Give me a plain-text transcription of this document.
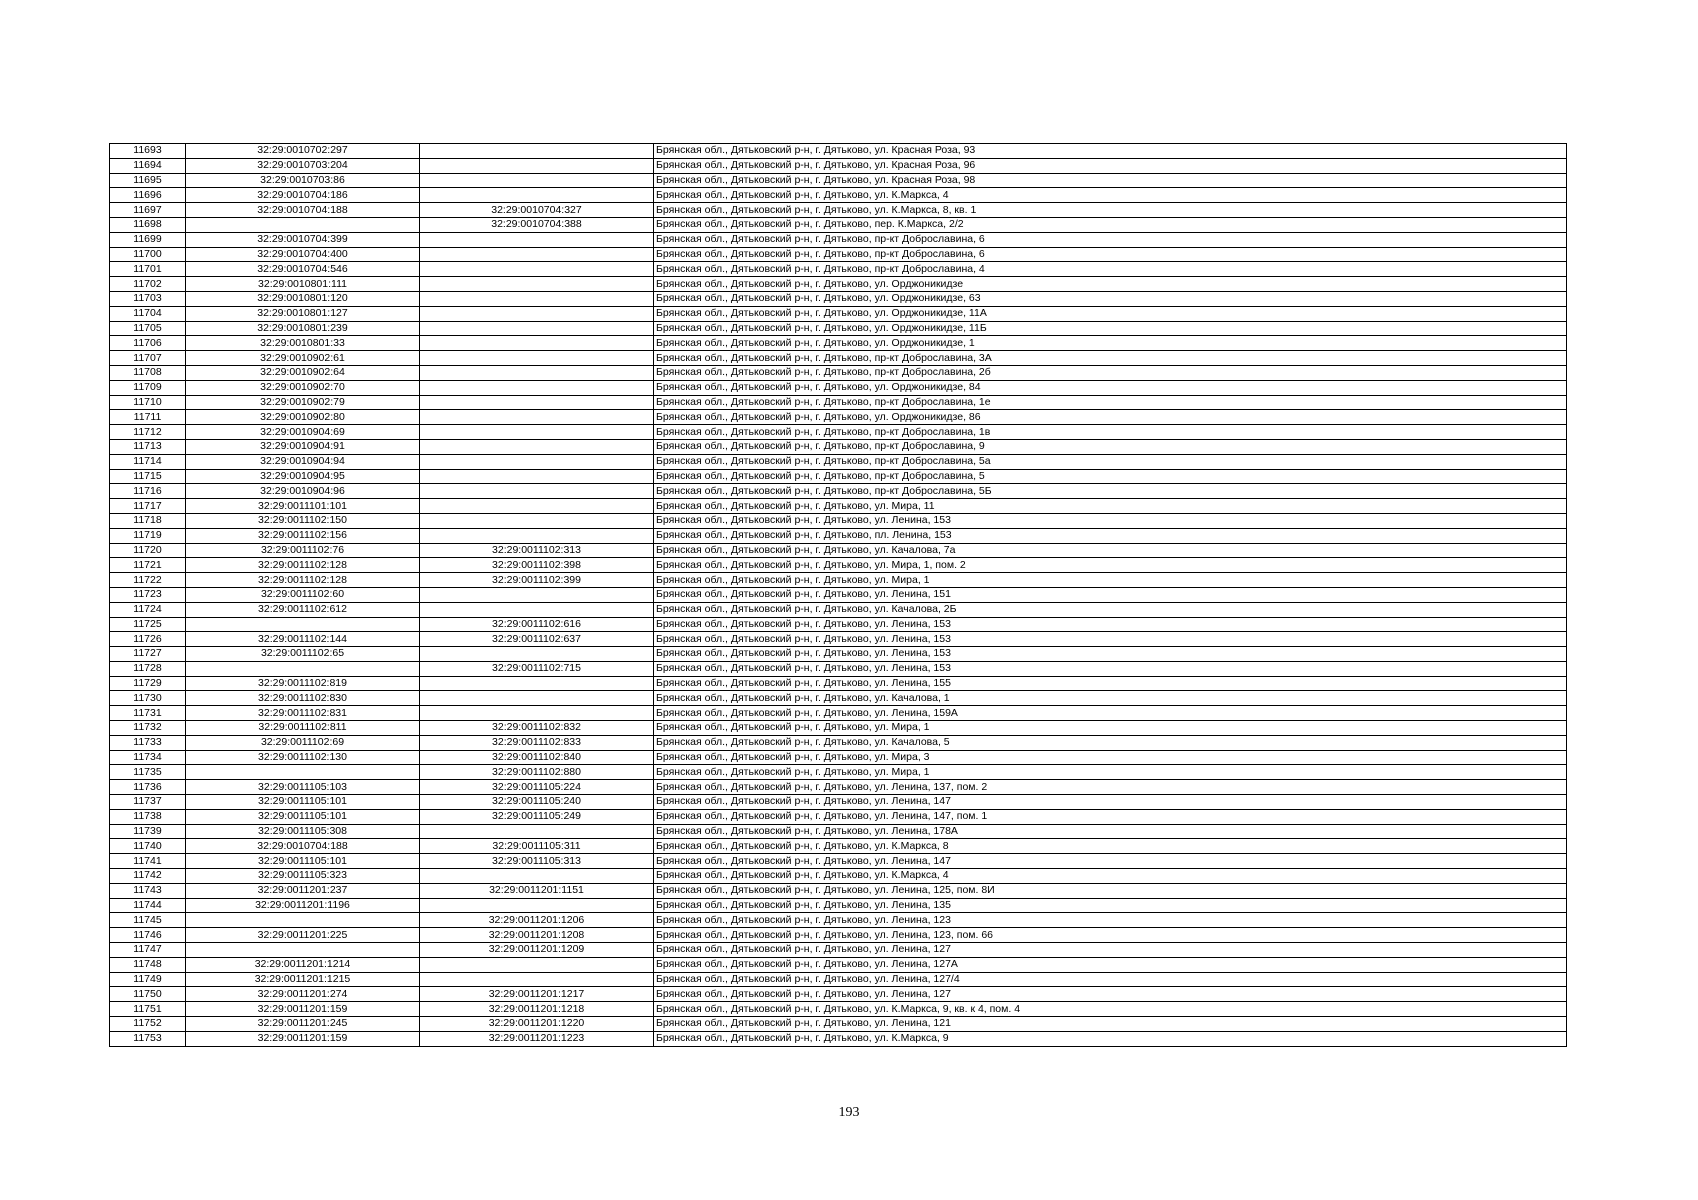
11693	32:29:0010702:297		Брянская обл., Дятьковский р-н, г. Дятьково, ул. Красная Роза, 93
11694	32:29:0010703:204		Брянская обл., Дятьковский р-н, г. Дятьково, ул. Красная Роза, 96
11695	32:29:0010703:86		Брянская обл., Дятьковский р-н, г. Дятьково, ул. Красная Роза, 98
11696	32:29:0010704:186		Брянская обл., Дятьковский р-н, г. Дятьково, ул. К.Маркса, 4
11697	32:29:0010704:188	32:29:0010704:327	Брянская обл., Дятьковский р-н, г. Дятьково, ул. К.Маркса, 8, кв. 1
11698		32:29:0010704:388	Брянская обл., Дятьковский р-н, г. Дятьково, пер. К.Маркса, 2/2
11699	32:29:0010704:399		Брянская обл., Дятьковский р-н, г. Дятьково, пр-кт Доброславина, 6
11700	32:29:0010704:400		Брянская обл., Дятьковский р-н, г. Дятьково, пр-кт Доброславина, 6
11701	32:29:0010704:546		Брянская обл., Дятьковский р-н, г. Дятьково, пр-кт Доброславина, 4
11702	32:29:0010801:111		Брянская обл., Дятьковский р-н, г. Дятьково, ул. Орджоникидзе
11703	32:29:0010801:120		Брянская обл., Дятьковский р-н, г. Дятьково, ул. Орджоникидзе, 63
11704	32:29:0010801:127		Брянская обл., Дятьковский р-н, г. Дятьково, ул. Орджоникидзе, 11А
11705	32:29:0010801:239		Брянская обл., Дятьковский р-н, г. Дятьково, ул. Орджоникидзе, 11Б
11706	32:29:0010801:33		Брянская обл., Дятьковский р-н, г. Дятьково, ул. Орджоникидзе, 1
11707	32:29:0010902:61		Брянская обл., Дятьковский р-н, г. Дятьково, пр-кт Доброславина, 3А
11708	32:29:0010902:64		Брянская обл., Дятьковский р-н, г. Дятьково, пр-кт Доброславина, 2б
11709	32:29:0010902:70		Брянская обл., Дятьковский р-н, г. Дятьково, ул. Орджоникидзе, 84
11710	32:29:0010902:79		Брянская обл., Дятьковский р-н, г. Дятьково, пр-кт Доброславина, 1е
11711	32:29:0010902:80		Брянская обл., Дятьковский р-н, г. Дятьково, ул. Орджоникидзе, 86
11712	32:29:0010904:69		Брянская обл., Дятьковский р-н, г. Дятьково, пр-кт Доброславина, 1в
11713	32:29:0010904:91		Брянская обл., Дятьковский р-н, г. Дятьково, пр-кт Доброславина, 9
11714	32:29:0010904:94		Брянская обл., Дятьковский р-н, г. Дятьково, пр-кт Доброславина, 5а
11715	32:29:0010904:95		Брянская обл., Дятьковский р-н, г. Дятьково, пр-кт Доброславина, 5
11716	32:29:0010904:96		Брянская обл., Дятьковский р-н, г. Дятьково, пр-кт Доброславина, 5Б
11717	32:29:0011101:101		Брянская обл., Дятьковский р-н, г. Дятьково, ул. Мира, 11
11718	32:29:0011102:150		Брянская обл., Дятьковский р-н, г. Дятьково, ул. Ленина, 153
11719	32:29:0011102:156		Брянская обл., Дятьковский р-н, г. Дятьково, пл. Ленина, 153
11720	32:29:0011102:76	32:29:0011102:313	Брянская обл., Дятьковский р-н, г. Дятьково, ул. Качалова, 7а
11721	32:29:0011102:128	32:29:0011102:398	Брянская обл., Дятьковский р-н, г. Дятьково, ул. Мира, 1, пом. 2
11722	32:29:0011102:128	32:29:0011102:399	Брянская обл., Дятьковский р-н, г. Дятьково, ул. Мира, 1
11723	32:29:0011102:60		Брянская обл., Дятьковский р-н, г. Дятьково, ул. Ленина, 151
11724	32:29:0011102:612		Брянская обл., Дятьковский р-н, г. Дятьково, ул. Качалова, 2Б
11725		32:29:0011102:616	Брянская обл., Дятьковский р-н, г. Дятьково, ул. Ленина, 153
11726	32:29:0011102:144	32:29:0011102:637	Брянская обл., Дятьковский р-н, г. Дятьково, ул. Ленина, 153
11727	32:29:0011102:65		Брянская обл., Дятьковский р-н, г. Дятьково, ул. Ленина, 153
11728		32:29:0011102:715	Брянская обл., Дятьковский р-н, г. Дятьково, ул. Ленина, 153
11729	32:29:0011102:819		Брянская обл., Дятьковский р-н, г. Дятьково, ул. Ленина, 155
11730	32:29:0011102:830		Брянская обл., Дятьковский р-н, г. Дятьково, ул. Качалова, 1
11731	32:29:0011102:831		Брянская обл., Дятьковский р-н, г. Дятьково, ул. Ленина, 159А
11732	32:29:0011102:811	32:29:0011102:832	Брянская обл., Дятьковский р-н, г. Дятьково, ул. Мира, 1
11733	32:29:0011102:69	32:29:0011102:833	Брянская обл., Дятьковский р-н, г. Дятьково, ул. Качалова, 5
11734	32:29:0011102:130	32:29:0011102:840	Брянская обл., Дятьковский р-н, г. Дятьково, ул. Мира, 3
11735		32:29:0011102:880	Брянская обл., Дятьковский р-н, г. Дятьково, ул. Мира, 1
11736	32:29:0011105:103	32:29:0011105:224	Брянская обл., Дятьковский р-н, г. Дятьково, ул. Ленина, 137, пом. 2
11737	32:29:0011105:101	32:29:0011105:240	Брянская обл., Дятьковский р-н, г. Дятьково, ул. Ленина, 147
11738	32:29:0011105:101	32:29:0011105:249	Брянская обл., Дятьковский р-н, г. Дятьково, ул. Ленина, 147, пом. 1
11739	32:29:0011105:308		Брянская обл., Дятьковский р-н, г. Дятьково, ул. Ленина, 178А
11740	32:29:0010704:188	32:29:0011105:311	Брянская обл., Дятьковский р-н, г. Дятьково, ул. К.Маркса, 8
11741	32:29:0011105:101	32:29:0011105:313	Брянская обл., Дятьковский р-н, г. Дятьково, ул. Ленина, 147
11742	32:29:0011105:323		Брянская обл., Дятьковский р-н, г. Дятьково, ул. К.Маркса, 4
11743	32:29:0011201:237	32:29:0011201:1151	Брянская обл., Дятьковский р-н, г. Дятьково, ул. Ленина, 125, пом. 8И
11744	32:29:0011201:1196		Брянская обл., Дятьковский р-н, г. Дятьково, ул. Ленина, 135
11745		32:29:0011201:1206	Брянская обл., Дятьковский р-н, г. Дятьково, ул. Ленина, 123
11746	32:29:0011201:225	32:29:0011201:1208	Брянская обл., Дятьковский р-н, г. Дятьково, ул. Ленина, 123, пом. 66
11747		32:29:0011201:1209	Брянская обл., Дятьковский р-н, г. Дятьково, ул. Ленина, 127
11748	32:29:0011201:1214		Брянская обл., Дятьковский р-н, г. Дятьково, ул. Ленина, 127А
11749	32:29:0011201:1215		Брянская обл., Дятьковский р-н, г. Дятьково, ул. Ленина, 127/4
11750	32:29:0011201:274	32:29:0011201:1217	Брянская обл., Дятьковский р-н, г. Дятьково, ул. Ленина, 127
11751	32:29:0011201:159	32:29:0011201:1218	Брянская обл., Дятьковский р-н, г. Дятьково, ул. К.Маркса, 9, кв. к 4, пом. 4
11752	32:29:0011201:245	32:29:0011201:1220	Брянская обл., Дятьковский р-н, г. Дятьково, ул. Ленина, 121
11753	32:29:0011201:159	32:29:0011201:1223	Брянская обл., Дятьковский р-н, г. Дятьково, ул. К.Маркса, 9
193
